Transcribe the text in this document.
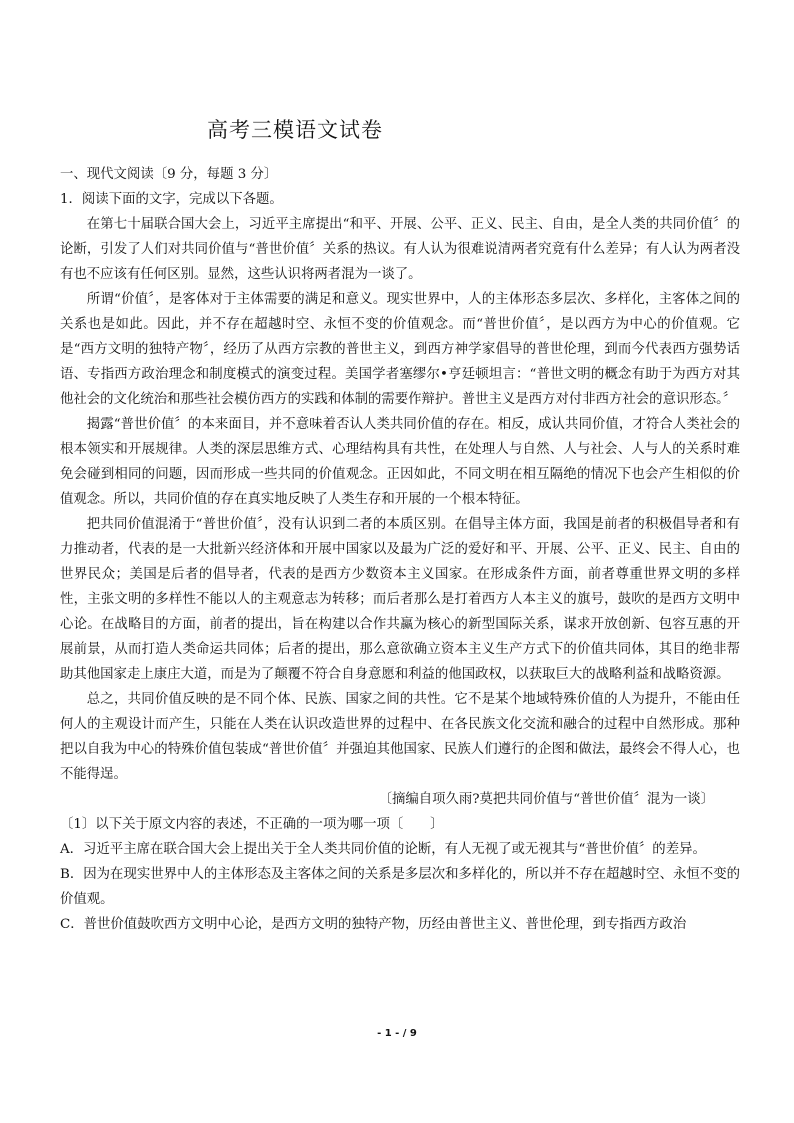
高考三模语文试卷

一、现代文阅读〔9 分，每题 3 分〕

1．阅读下面的文字，完成以下各题。

在第七十届联合国大会上，习近平主席提出“和平、开展、公平、正义、民主、自由，是全人类的共同价值〞的论断，引发了人们对共同价值与“普世价值〞关系的热议。有人认为很难说清两者究竟有什么差异；有人认为两者没有也不应该有任何区别。显然，这些认识将两者混为一谈了。

所谓“价值〞，是客体对于主体需要的满足和意义。现实世界中，人的主体形态多层次、多样化，主客体之间的关系也是如此。因此，并不存在超越时空、永恒不变的价值观念。而“普世价值〞，是以西方为中心的价值观。它是“西方文明的独特产物〞，经历了从西方宗教的普世主义，到西方神学家倡导的普世伦理，到而今代表西方强势话语、专指西方政治理念和制度模式的演变过程。美国学者塞缪尔•亨廷顿坦言：“普世文明的概念有助于为西方对其他社会的文化统治和那些社会模仿西方的实践和体制的需要作辩护。普世主义是西方对付非西方社会的意识形态。〞

揭露“普世价值〞的本来面目，并不意味着否认人类共同价值的存在。相反，成认共同价值，才符合人类社会的根本领实和开展规律。人类的深层思维方式、心理结构具有共性，在处理人与自然、人与社会、人与人的关系时难免会碰到相同的问题，因而形成一些共同的价值观念。正因如此，不同文明在相互隔绝的情况下也会产生相似的价值观念。所以，共同价值的存在真实地反映了人类生存和开展的一个根本特征。

把共同价值混淆于“普世价值〞，没有认识到二者的本质区别。在倡导主体方面，我国是前者的积极倡导者和有力推动者，代表的是一大批新兴经济体和开展中国家以及最为广泛的爱好和平、开展、公平、正义、民主、自由的世界民众；美国是后者的倡导者，代表的是西方少数资本主义国家。在形成条件方面，前者尊重世界文明的多样性，主张文明的多样性不能以人的主观意志为转移；而后者那么是打着西方人本主义的旗号，鼓吹的是西方文明中心论。在战略目的方面，前者的提出，旨在构建以合作共赢为核心的新型国际关系，谋求开放创新、包容互惠的开展前景，从而打造人类命运共同体；后者的提出，那么意欲确立资本主义生产方式下的价值共同体，其目的绝非帮助其他国家走上康庄大道，而是为了颠覆不符合自身意愿和利益的他国政权，以获取巨大的战略利益和战略资源。

总之，共同价值反映的是不同个体、民族、国家之间的共性。它不是某个地域特殊价值的人为提升，不能由任何人的主观设计而产生，只能在人类在认识改造世界的过程中、在各民族文化交流和融合的过程中自然形成。那种把以自我为中心的特殊价值包装成“普世价值〞并强迫其他国家、民族人们遵行的企图和做法，最终会不得人心，也不能得逞。

〔摘编自项久雨?莫把共同价值与“普世价值〞混为一谈〕

〔1〕以下关于原文内容的表述，不正确的一项为哪一项〔　　〕

A．习近平主席在联合国大会上提出关于全人类共同价值的论断，有人无视了或无视其与“普世价值〞的差异。

B．因为在现实世界中人的主体形态及主客体之间的关系是多层次和多样化的，所以并不存在超越时空、永恒不变的价值观。

C．普世价值鼓吹西方文明中心论，是西方文明的独特产物，历经由普世主义、普世伦理，到专指西方政治

- 1 - / 9
